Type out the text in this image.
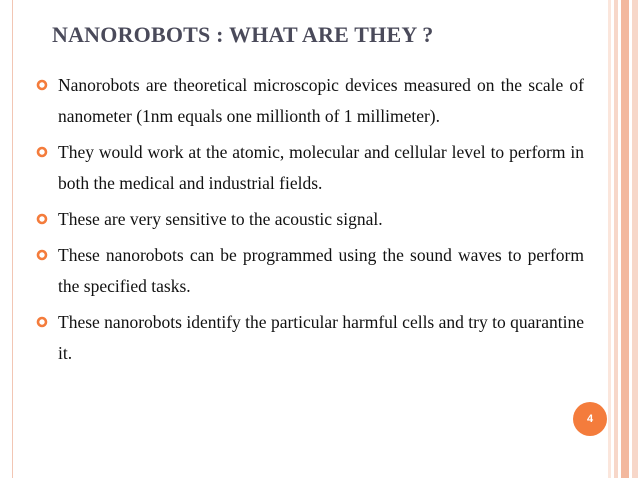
NANOROBOTS : WHAT ARE THEY ?
Nanorobots are theoretical microscopic devices measured on the scale of nanometer (1nm equals one millionth of 1 millimeter).
They would work at the atomic, molecular and cellular level to perform in both the medical and industrial fields.
These are very sensitive to the acoustic signal.
These nanorobots can be programmed using the sound waves to perform the specified tasks.
These nanorobots identify the particular harmful cells and try to quarantine it.
4
